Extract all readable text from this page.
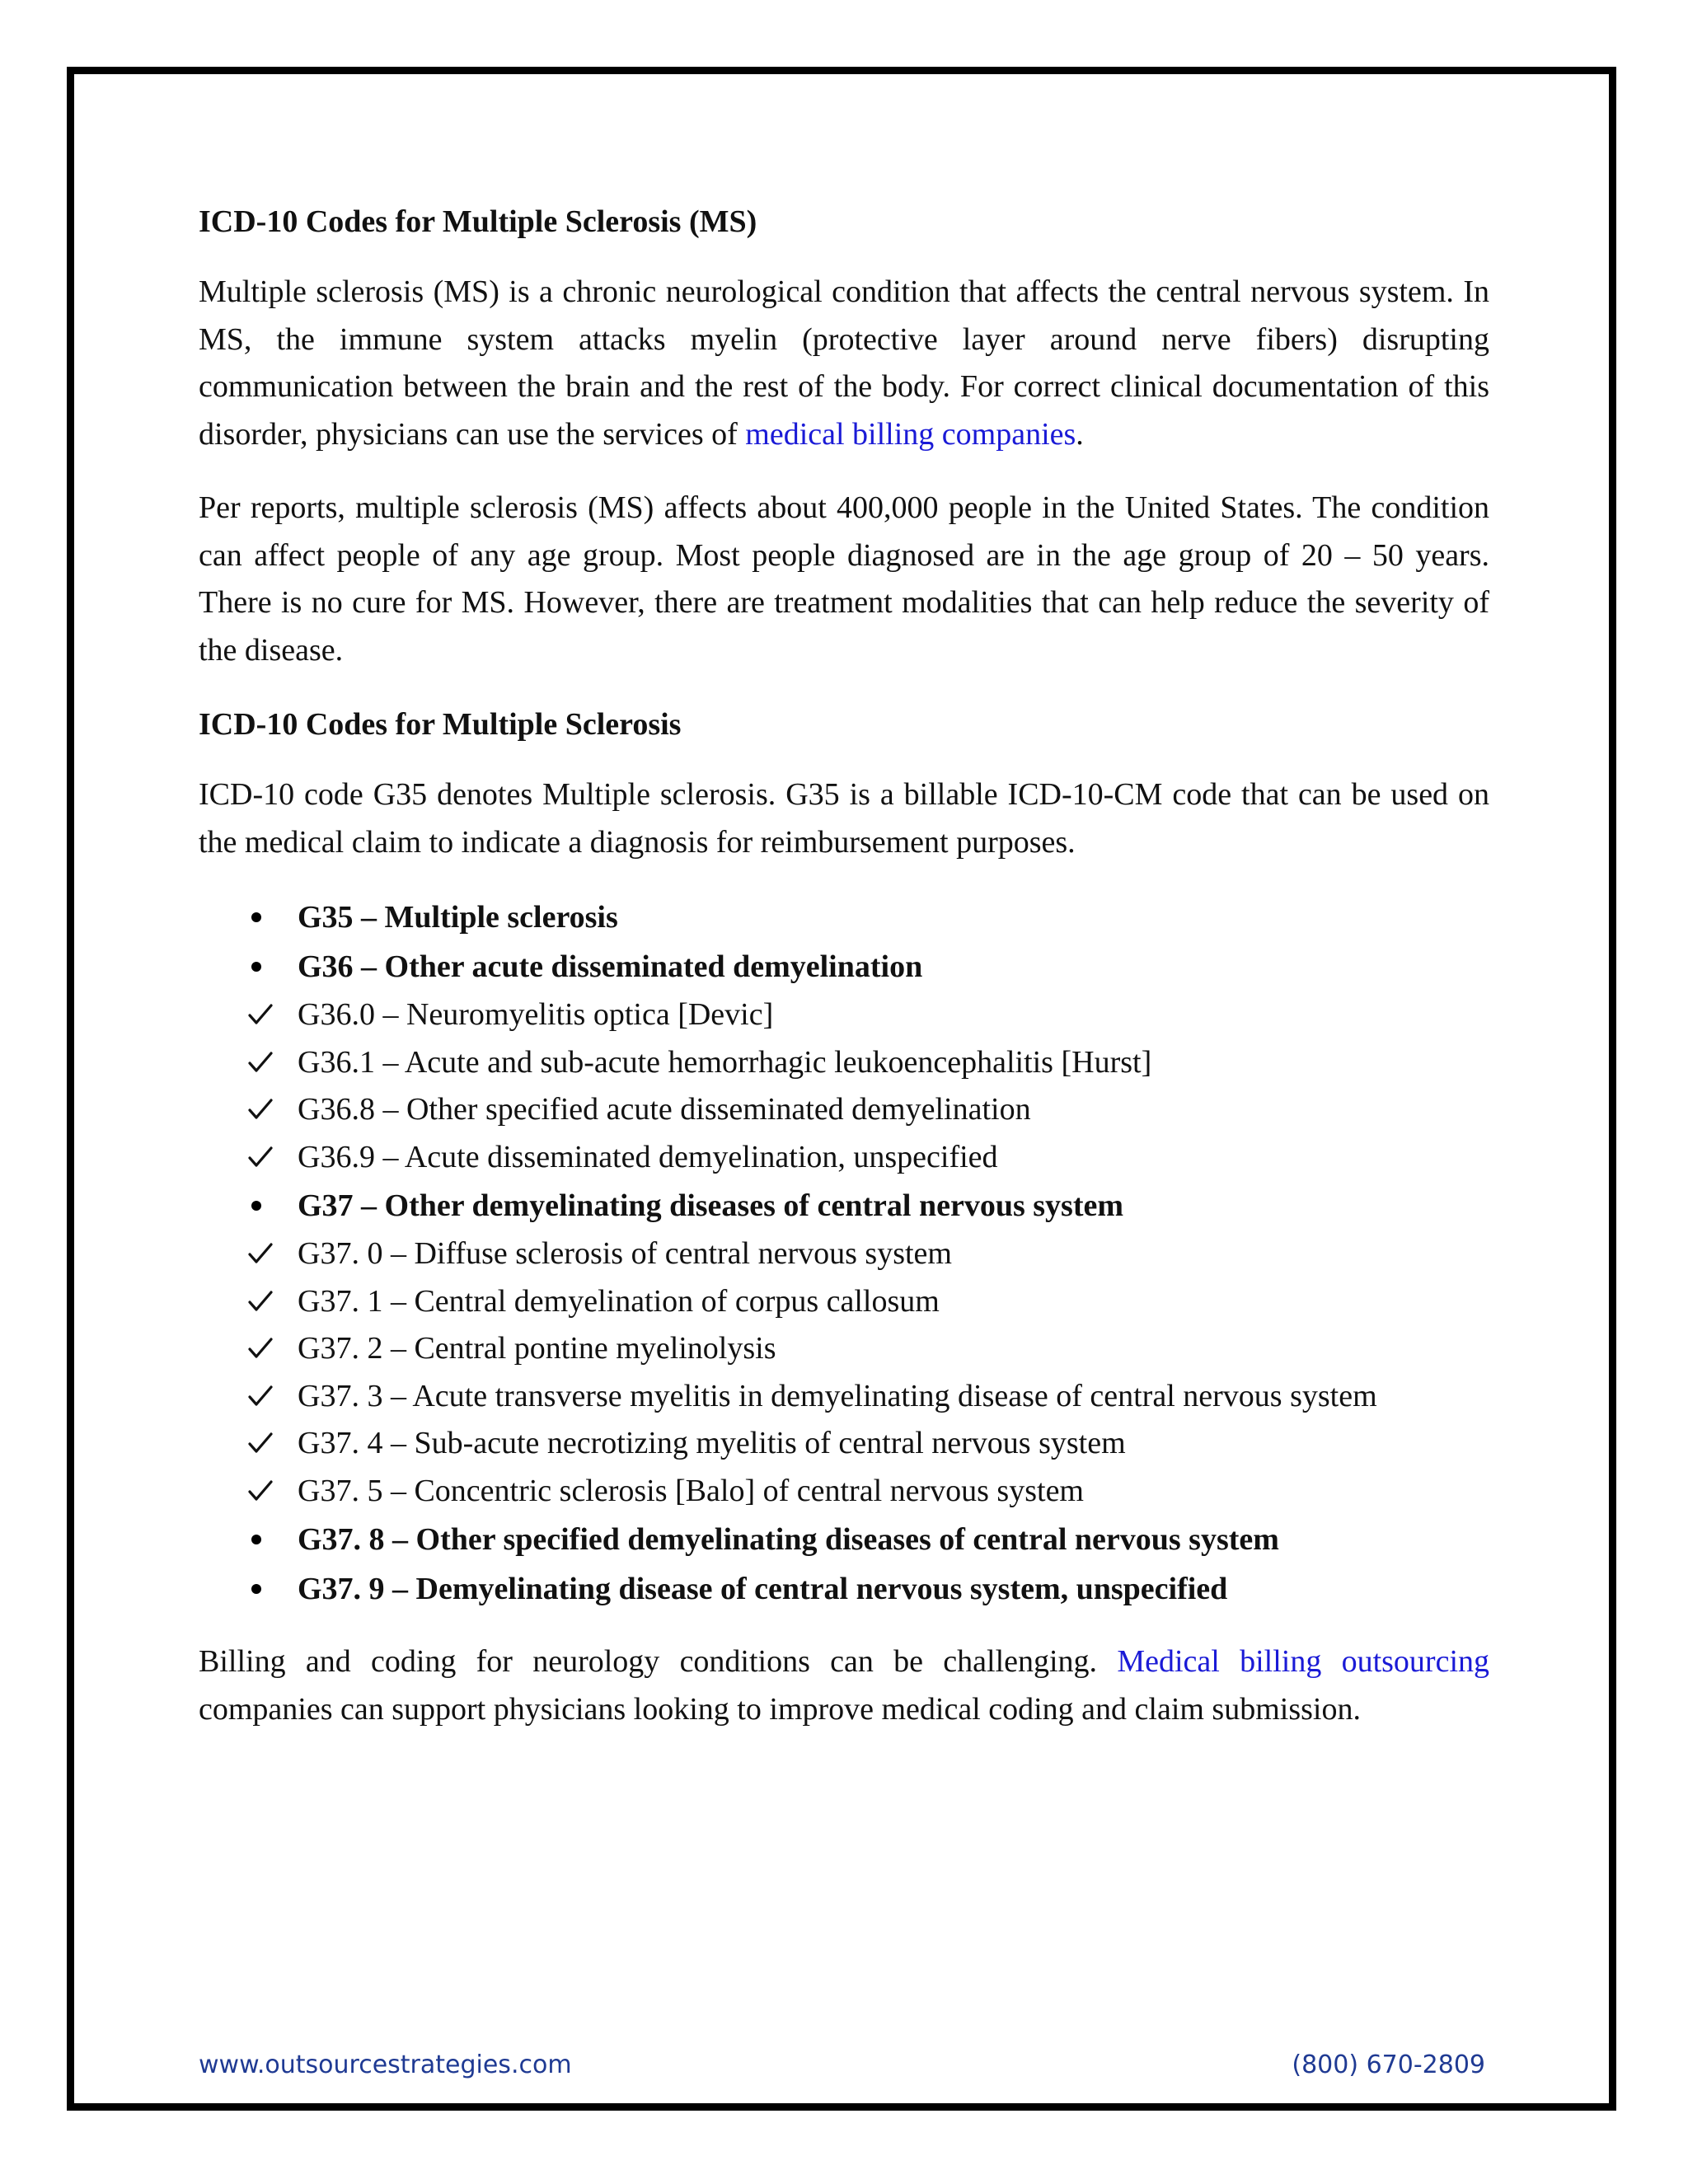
ICD-10 Codes for Multiple Sclerosis (MS)

Multiple sclerosis (MS) is a chronic neurological condition that affects the central nervous system. In MS, the immune system attacks myelin (protective layer around nerve fibers) disrupting communication between the brain and the rest of the body. For correct clinical documentation of this disorder, physicians can use the services of medical billing companies.

Per reports, multiple sclerosis (MS) affects about 400,000 people in the United States. The condition can affect people of any age group. Most people diagnosed are in the age group of 20 – 50 years. There is no cure for MS. However, there are treatment modalities that can help reduce the severity of the disease.

ICD-10 Codes for Multiple Sclerosis

ICD-10 code G35 denotes Multiple sclerosis. G35 is a billable ICD-10-CM code that can be used on the medical claim to indicate a diagnosis for reimbursement purposes.

G35 – Multiple sclerosis
G36 – Other acute disseminated demyelination
G36.0 – Neuromyelitis optica [Devic]
G36.1 – Acute and sub-acute hemorrhagic leukoencephalitis [Hurst]
G36.8 – Other specified acute disseminated demyelination
G36.9 – Acute disseminated demyelination, unspecified
G37 – Other demyelinating diseases of central nervous system
G37. 0 – Diffuse sclerosis of central nervous system
G37. 1 – Central demyelination of corpus callosum
G37. 2 – Central pontine myelinolysis
G37. 3 – Acute transverse myelitis in demyelinating disease of central nervous system
G37. 4 – Sub-acute necrotizing myelitis of central nervous system
G37. 5 – Concentric sclerosis [Balo] of central nervous system
G37. 8 – Other specified demyelinating diseases of central nervous system
G37. 9 – Demyelinating disease of central nervous system, unspecified

Billing and coding for neurology conditions can be challenging. Medical billing outsourcing companies can support physicians looking to improve medical coding and claim submission.

www.outsourcestrategies.com	(800) 670-2809
